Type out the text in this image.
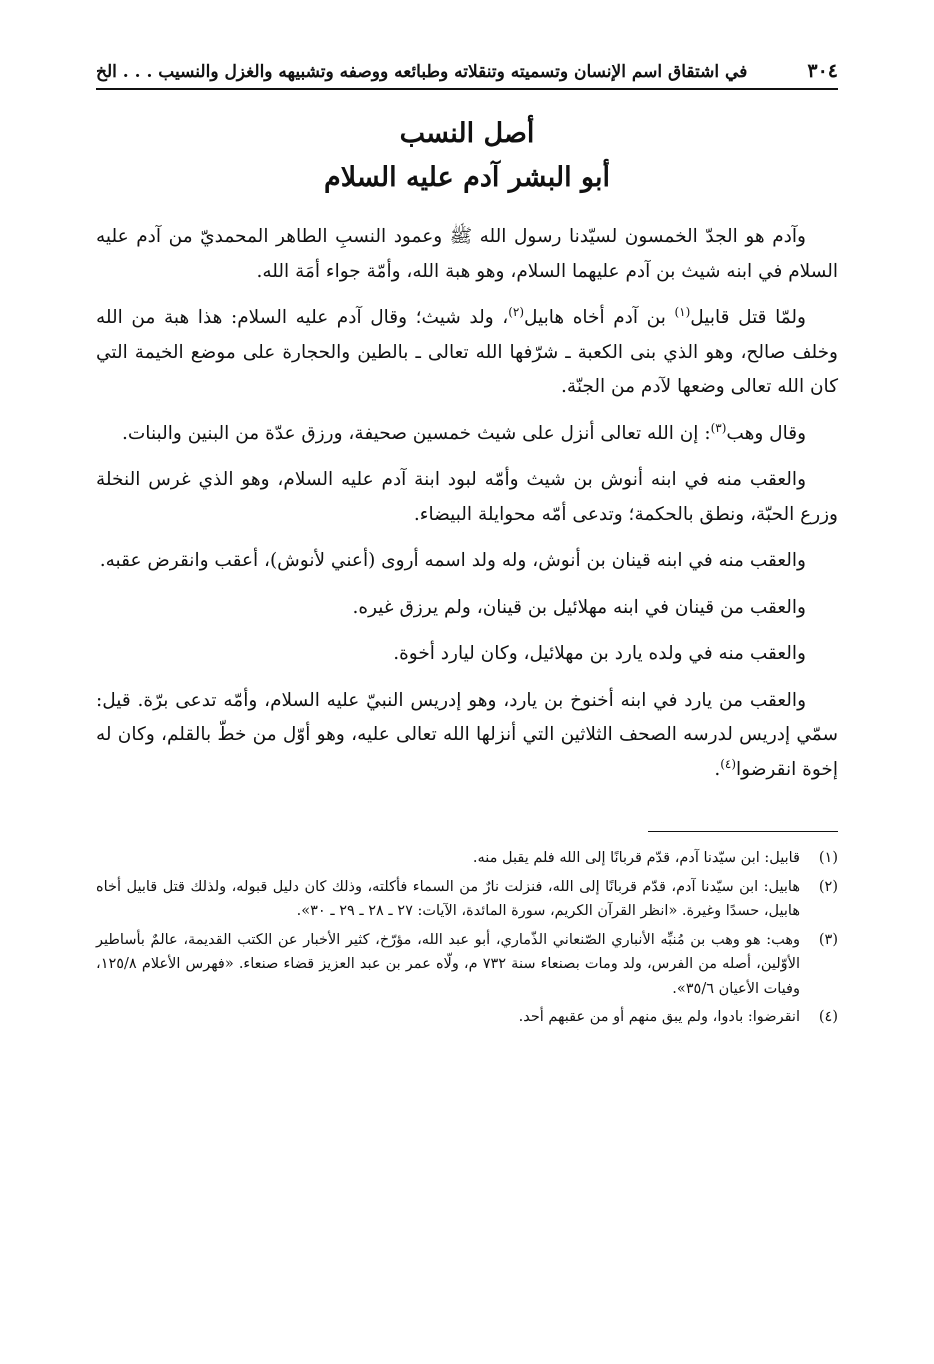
٣٠٤
في اشتقاق اسم الإنسان وتسميته وتنقلاته وطبائعه ووصفه وتشبيهه والغزل والنسيب . . . الخ
أصل النسب
أبو البشر آدم عليه السلام

وآدم هو الجدّ الخمسون لسيّدنا رسول الله ﷺ وعمود النسبِ الطاهر المحمديّ من آدم عليه السلام في ابنه شيث بن آدم عليهما السلام، وهو هبة الله، وأمّة جواء أمَة الله.

ولمّا قتل قابيل$^{(١)}$ بن آدم أخاه هابيل$^{(٢)}$، ولد شيث؛ وقال آدم عليه السلام: هذا هبة من الله وخلف صالح، وهو الذي بنى الكعبة ـ شرّفها الله تعالى ـ بالطين والحجارة على موضع الخيمة التي كان الله تعالى وضعها لآدم من الجنّة.

وقال وهب$^{(٣)}$: إن الله تعالى أنزل على شيث خمسين صحيفة، ورزق عدّة من البنين والبنات.

والعقب منه في ابنه أنوش بن شيث وأمّه لبود ابنة آدم عليه السلام، وهو الذي غرس النخلة وزرع الحبّة، ونطق بالحكمة؛ وتدعى أمّه محوايلة البيضاء.

والعقب منه في ابنه قينان بن أنوش، وله ولد اسمه أروى (أعني لأنوش)، أعقب وانقرض عقبه.

والعقب من قينان في ابنه مهلائيل بن قينان، ولم يرزق غيره.

والعقب منه في ولده يارد بن مهلائيل، وكان ليارد أخوة.

والعقب من يارد في ابنه أخنوخ بن يارد، وهو إدريس النبيّ عليه السلام، وأمّه تدعى برّة. قيل: سمّي إدريس لدرسه الصحف الثلاثين التي أنزلها الله تعالى عليه، وهو أوّل من خطّ بالقلم، وكان له إخوة انقرضوا$^{(٤)}$.

(١)
قابيل: ابن سيّدنا آدم، قدّم قربانًا إلى الله فلم يقبل منه.
(٢)
هابيل: ابن سيّدنا آدم، قدّم قربانًا إلى الله، فنزلت نارٌ من السماء فأكلته، وذلك كان دليل قبوله، ولذلك قتل قابيل أخاه هابيل، حسدًا وغيرة. «انظر القرآن الكريم، سورة المائدة، الآيات: ٢٧ ـ ٢٨ ـ ٢٩ ـ ٣٠».
(٣)
وهب: هو وهب بن مُنبِّه الأنباري الصّنعاني الذّماري، أبو عبد الله، مؤرّخ، كثير الأخبار عن الكتب القديمة، عالمٌ بأساطير الأوّلين، أصله من الفرس، ولد ومات بصنعاء سنة ٧٣٢ م، ولّاه عمر بن عبد العزيز قضاء صنعاء. «فهرس الأعلام ١٢٥/٨، وفيات الأعيان ٣٥/٦».
(٤)
انقرضوا: بادوا، ولم يبق منهم أو من عقبهم أحد.
